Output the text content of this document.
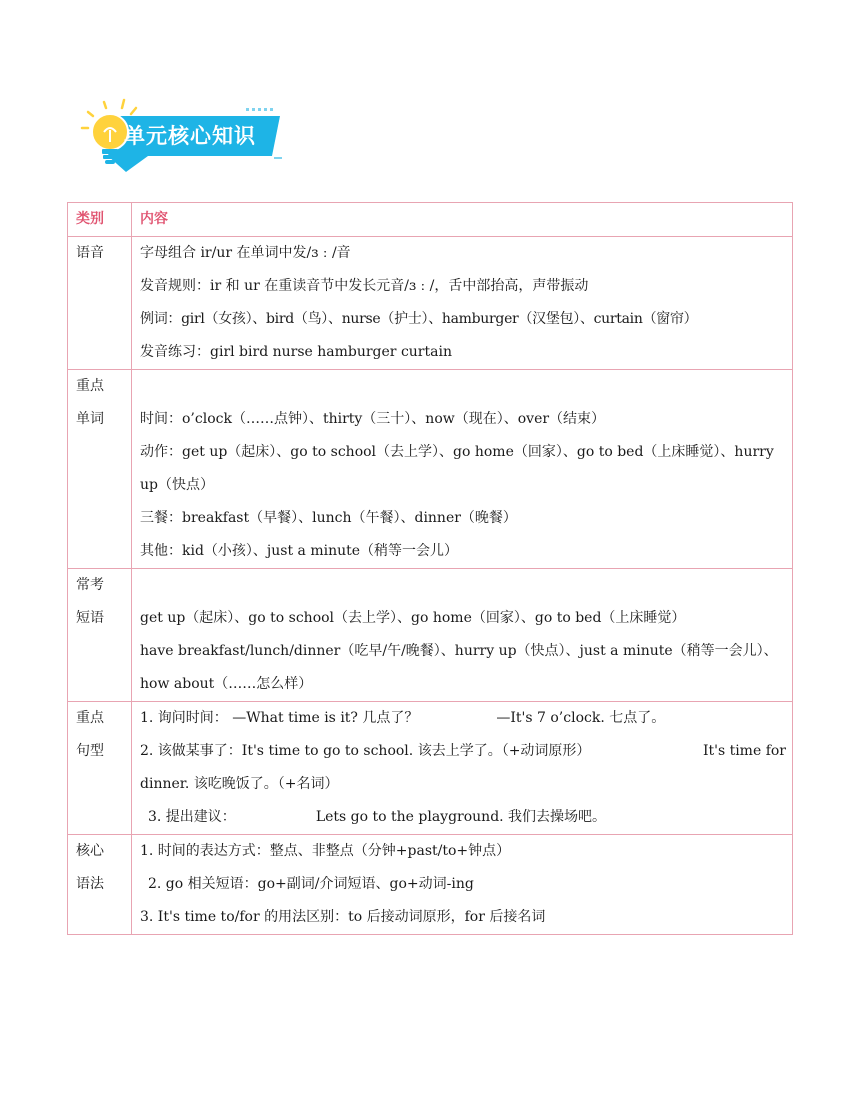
单元核心知识
类别	内容
语音	字母组合 ir/ur 在单词中发/ɜ ː /音
发音规则：ir 和 ur 在重读音节中发长元音/ɜ ː /，舌中部抬高，声带振动
例词：girl（女孩）、bird（鸟）、nurse（护士）、hamburger（汉堡包）、curtain（窗帘）
发音练习：girl bird nurse hamburger curtain

重点
单词	时间：o’clock（……点钟）、thirty（三十）、now（现在）、over（结束）
动作：get up（起床）、go to school（去上学）、go home（回家）、go to bed（上床睡觉）、hurry up（快点）
三餐：breakfast（早餐）、lunch（午餐）、dinner（晚餐）
其他：kid（小孩）、just a minute（稍等一会儿）

常考
短语	get up（起床）、go to school（去上学）、go home（回家）、go to bed（上床睡觉）
have breakfast/lunch/dinner（吃早/午/晚餐）、hurry up（快点）、just a minute（稍等一会儿）、how about（……怎么样）

重点
句型	1. 询问时间： —What time is it? 几点了？ —It's 7 o’clock. 七点了。
2. 该做某事了：It's time to go to school. 该去上学了。（+动词原形） It's time for
dinner. 该吃晚饭了。（+名词）
3. 提出建议： Lets go to the playground. 我们去操场吧。

核心
语法	1. 时间的表达方式：整点、非整点（分钟+past/to+钟点）
2. go 相关短语：go+副词/介词短语、go+动词-ing
3. It's time to/for 的用法区别：to 后接动词原形，for 后接名词
